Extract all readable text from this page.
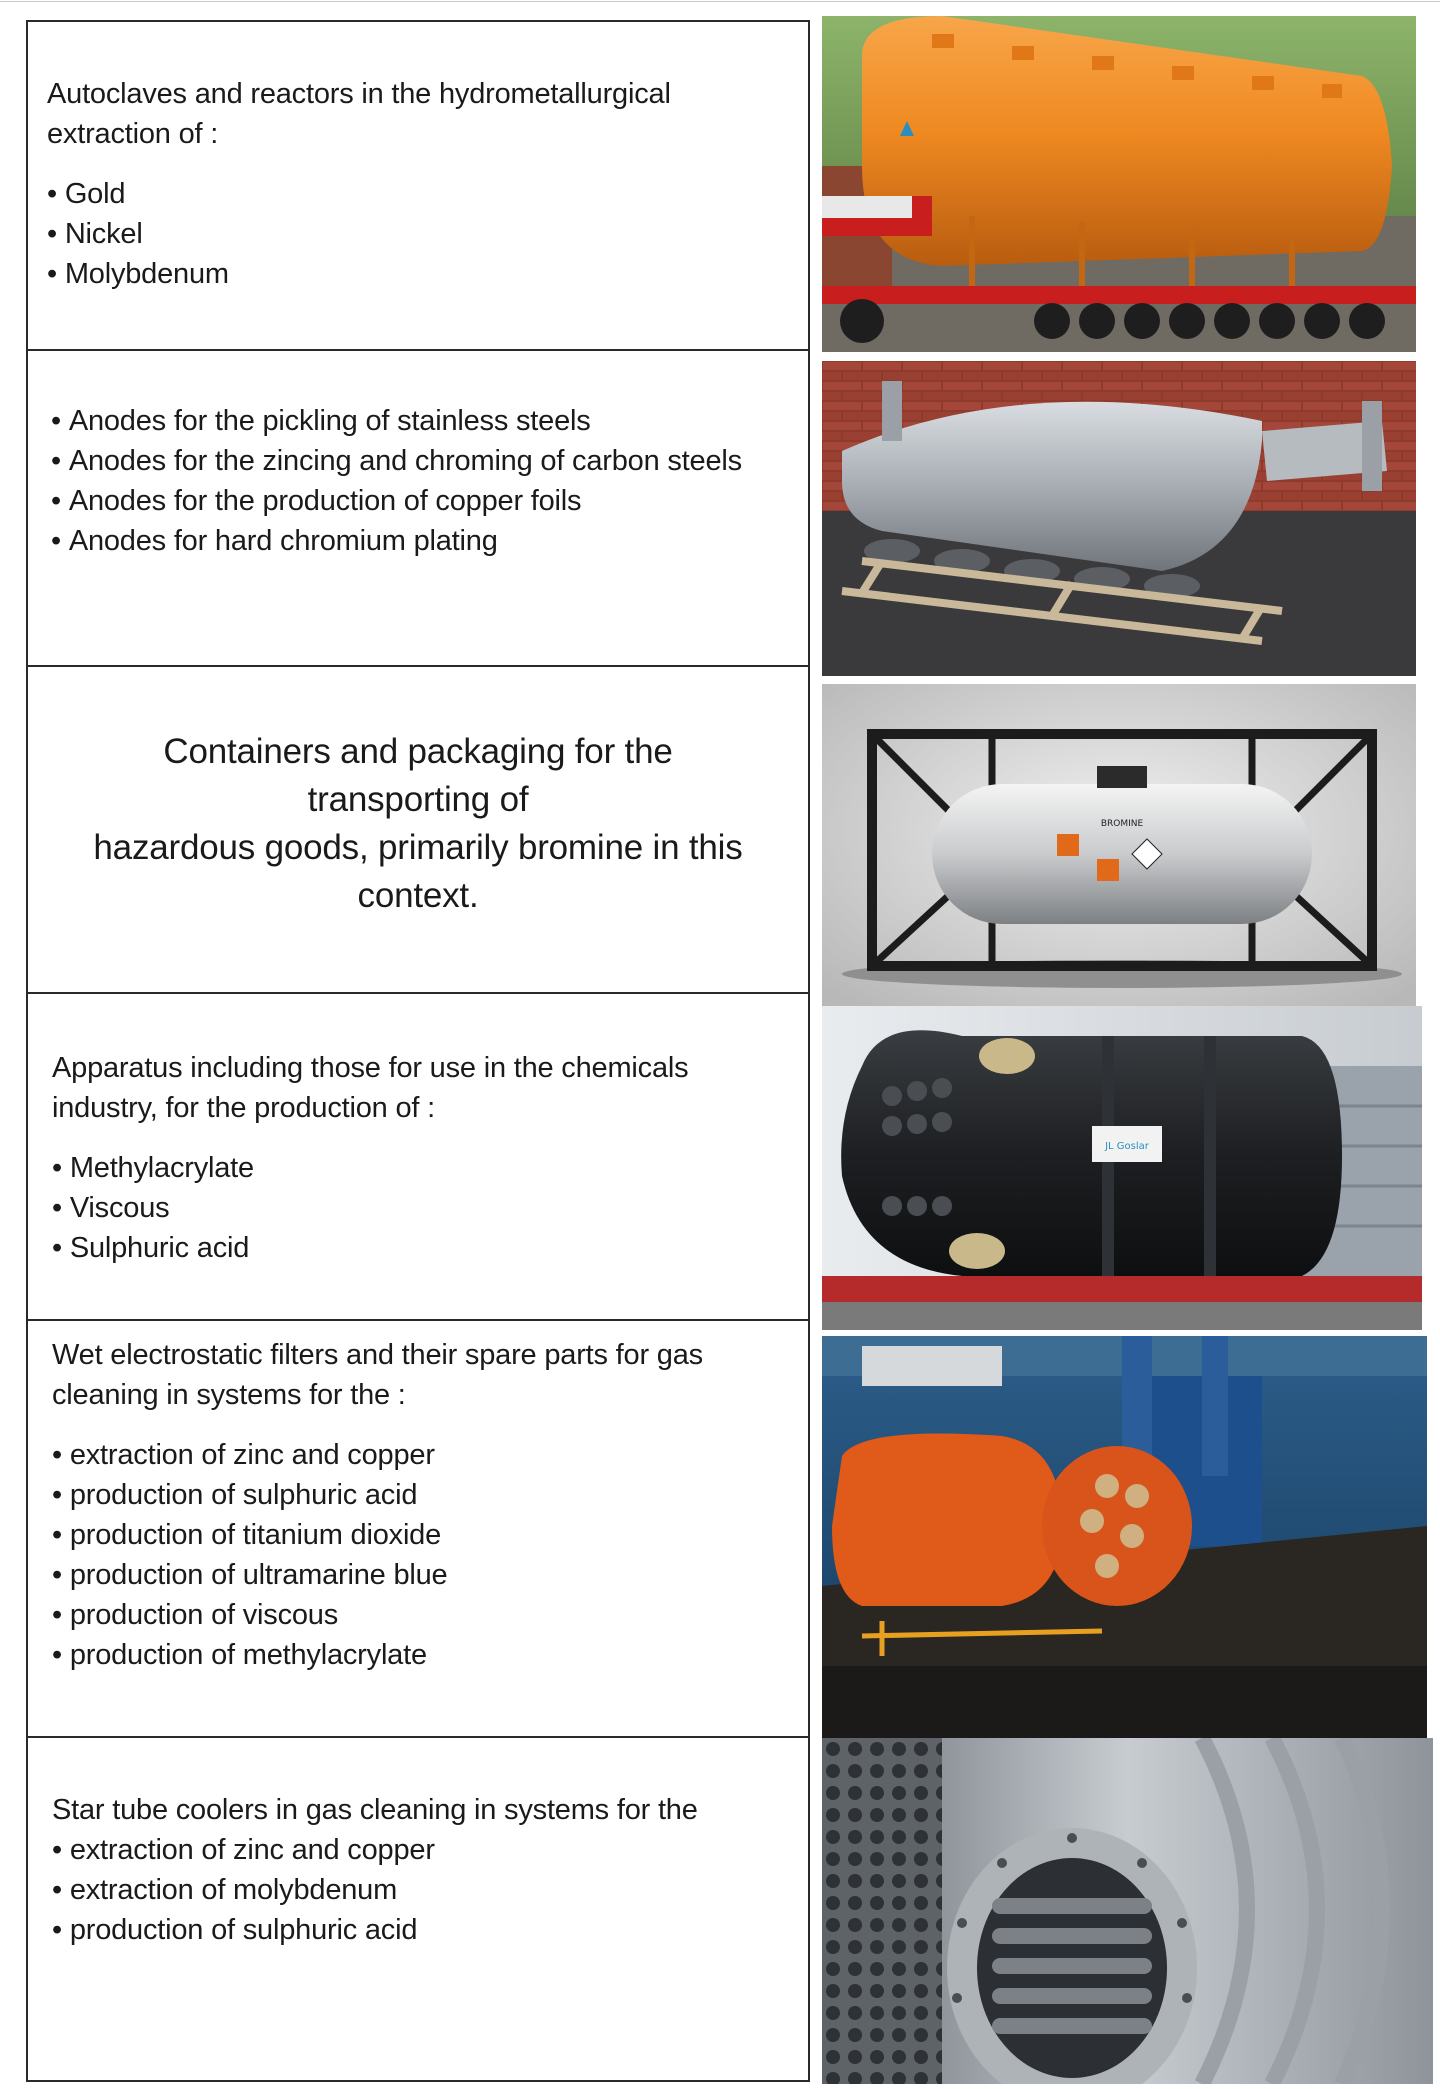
Autoclaves and reactors in the hydrometallurgical

extraction of :

• Gold
• Nickel
• Molybdenum
• Anodes for the pickling of stainless steels
• Anodes for the zincing and chroming of carbon steels
• Anodes for the production of copper foils
• Anodes for hard chromium plating

Containers and packaging for the

transporting of

hazardous goods, primarily bromine in this

context.

Apparatus including those for use in the chemicals

industry, for the production of :

• Methylacrylate
• Viscous
• Sulphuric acid

Wet electrostatic filters and their spare parts for gas

cleaning in systems for the :

• extraction of zinc and copper
• production of sulphuric acid
• production of titanium dioxide
• production of ultramarine blue
• production of viscous
• production of methylacrylate

Star tube coolers in gas cleaning in systems for the

• extraction of zinc and copper
• extraction of molybdenum
• production of sulphuric acid
BROMINE
JL Goslar
